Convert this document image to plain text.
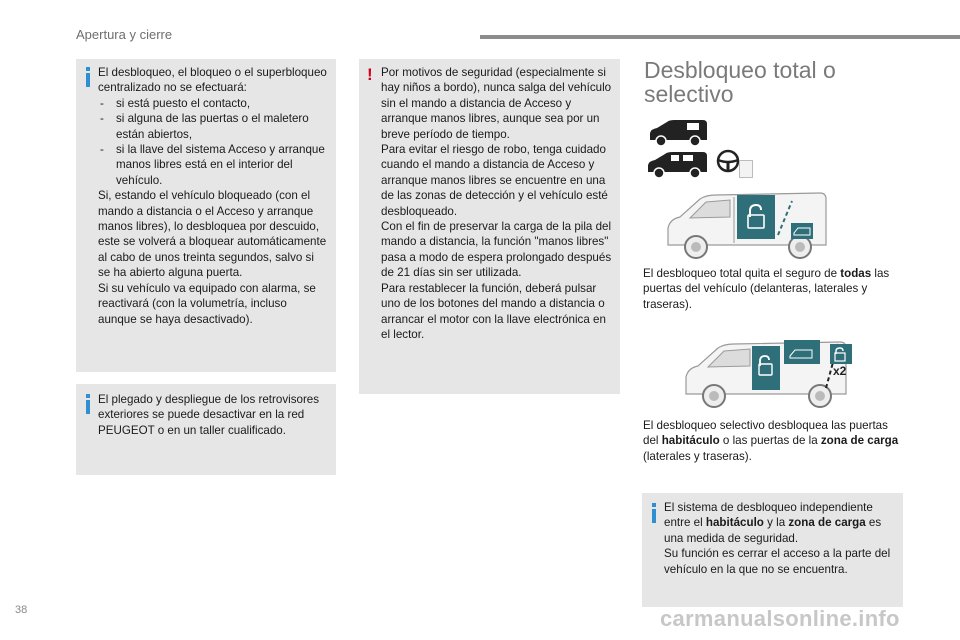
Apertura y cierre

El desbloqueo, el bloqueo o el superbloqueo centralizado no se efectuará:

- si está puesto el contacto,

- si alguna de las puertas o el maletero están abiertos,

- si la llave del sistema Acceso y arranque manos libres está en el interior del vehículo.

Si, estando el vehículo bloqueado (con el mando a distancia o el Acceso y arranque manos libres), lo desbloquea por descuido, este se volverá a bloquear automáticamente al cabo de unos treinta segundos, salvo si se ha abierto alguna puerta.

Si su vehículo va equipado con alarma, se reactivará (con la volumetría, incluso aunque se haya desactivado).

El plegado y despliegue de los retrovisores exteriores se puede desactivar en la red PEUGEOT o en un taller cualificado.

! Por motivos de seguridad (especialmente si hay niños a bordo), nunca salga del vehículo sin el mando a distancia de Acceso y arranque manos libres, aunque sea por un breve período de tiempo.

Para evitar el riesgo de robo, tenga cuidado cuando el mando a distancia de Acceso y arranque manos libres se encuentre en una de las zonas de detección y el vehículo esté desbloqueado.

Con el fin de preservar la carga de la pila del mando a distancia, la función "manos libres" pasa a modo de espera prolongado después de 21 días sin ser utilizada.

Para restablecer la función, deberá pulsar uno de los botones del mando a distancia o arrancar el motor con la llave electrónica en el lector.

Desbloqueo total o
selectivo
El desbloqueo total quita el seguro de todas las puertas del vehículo (delanteras, laterales y traseras).
x2
El desbloqueo selectivo desbloquea las puertas del habitáculo o las puertas de la zona de carga (laterales y traseras).

El sistema de desbloqueo independiente entre el habitáculo y la zona de carga es una medida de seguridad.

Su función es cerrar el acceso a la parte del vehículo en la que no se encuentra.

38	carmanualsonline.info
